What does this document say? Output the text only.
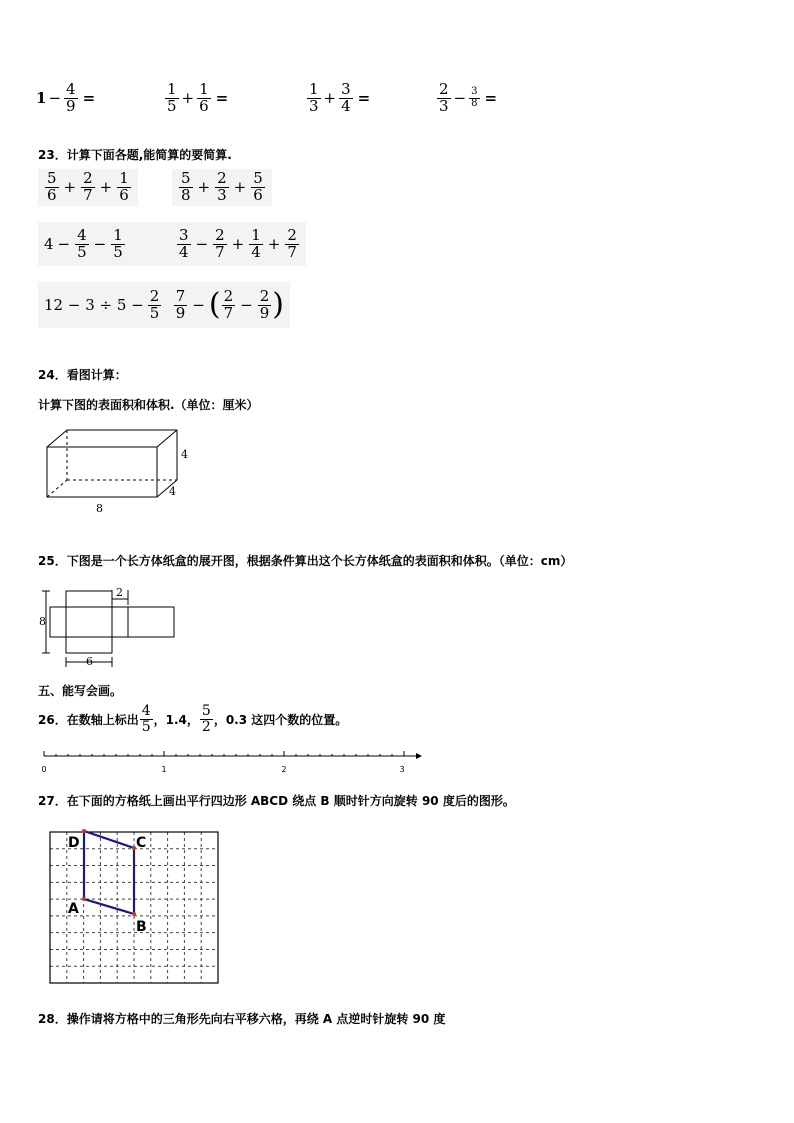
$1 - \frac{4}{9}$ =	$\frac{1}{5} + \frac{1}{6}$ =	$\frac{1}{3} + \frac{3}{4}$ =	$\frac{2}{3} - \frac{3}{8}$ =
23．计算下面各题,能简算的要简算.
$\frac{5}{6} + \frac{2}{7} + \frac{1}{6}$	$\frac{5}{8} + \frac{2}{3} + \frac{5}{6}$
$4 - \frac{4}{5} - \frac{1}{5}$	$\frac{3}{4} - \frac{2}{7} + \frac{1}{4} + \frac{2}{7}$
$12 - 3 \div 5 - \frac{2}{5} \frac{7}{9}$ − ( $\frac{2}{7} - \frac{2}{9}$ )
24．看图计算：
计算下图的表面积和体积.（单位：厘米）
4
4
8
25．下图是一个长方体纸盒的展开图，根据条件算出这个长方体纸盒的表面积和体积。（单位：cm）
8
2
6
五、能写会画。
26．在数轴上标出 $\frac{4}{5}$ ，1.4， $\frac{5}{2}$ ，0.3 这四个数的位置。
0	1	2	3
27．在下面的方格纸上画出平行四边形 ABCD 绕点 B 顺时针方向旋转 90 度后的图形。
D	C
B
A
28．操作请将方格中的三角形先向右平移六格，再绕 A 点逆时针旋转 90 度
